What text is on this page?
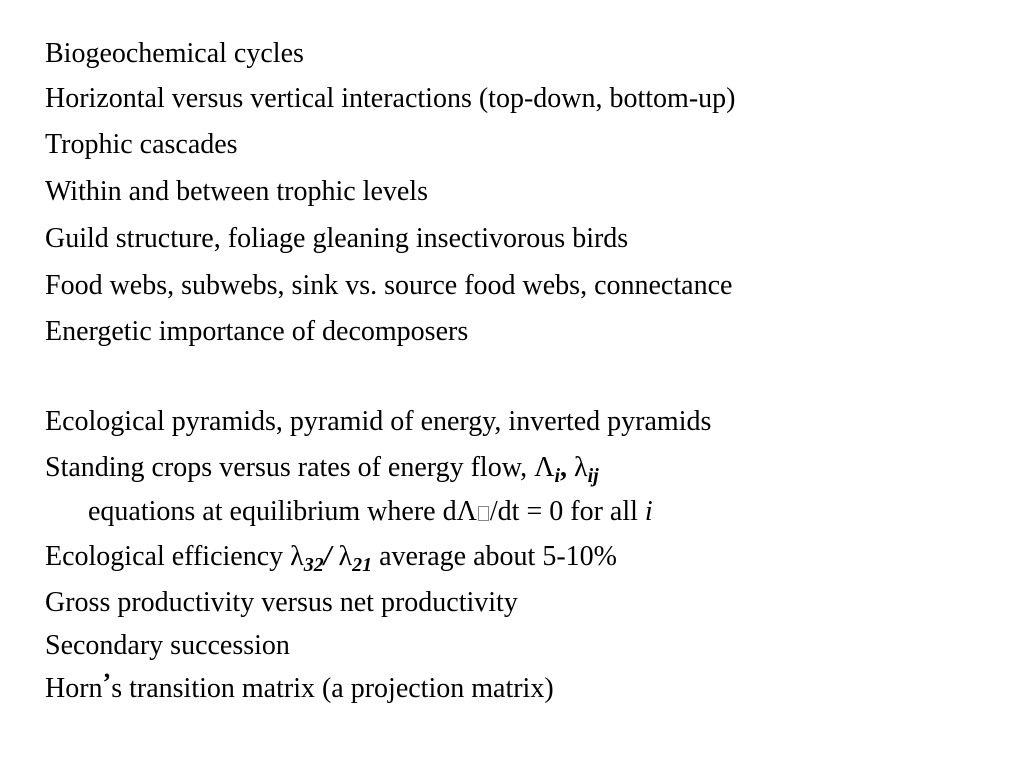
Biogeochemical cycles
Horizontal versus vertical interactions (top-down, bottom-up)
Trophic cascades
Within and between trophic levels
Guild structure, foliage gleaning insectivorous birds
Food webs, subwebs, sink vs. source food webs, connectance
Energetic importance of decomposers
Ecological pyramids, pyramid of energy, inverted pyramids
Standing crops versus rates of energy flow, $\Lambda_i$, $\lambda_{ij}$
equations at equilibrium where dΛ /dt = 0 for all i
Ecological efficiency $\lambda_{32}/$ $\lambda_{21}$ average about 5-10%
Gross productivity versus net productivity
Secondary succession
Horn’s transition matrix (a projection matrix)
